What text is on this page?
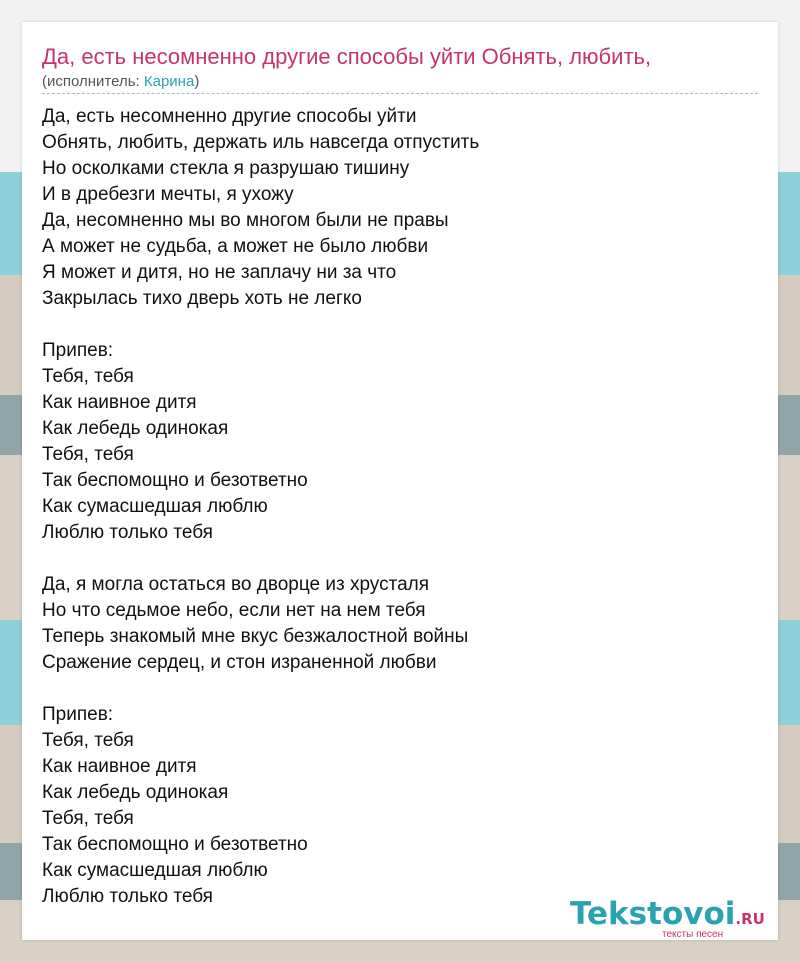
Да, есть несомненно другие способы уйти Обнять, любить,
(исполнитель: Карина)
Да, есть несомненно другие способы уйти
Обнять, любить, держать иль навсегда отпустить
Но осколками стекла я разрушаю тишину
И в дребезги мечты, я ухожу
Да, несомненно мы во многом были не правы
А может не судьба, а может не было любви
Я может и дитя, но не заплачу ни за что
Закрылась тихо дверь хоть не легко
Припев:
Тебя, тебя
Как наивное дитя
Как лебедь одинокая
Тебя, тебя
Так беспомощно и безответно
Как сумасшедшая люблю
Люблю только тебя
Да, я могла остаться во дворце из хрусталя
Но что седьмое небо, если нет на нем тебя
Теперь знакомый мне вкус безжалостной войны
Сражение сердец, и стон израненной любви
Припев:
Тебя, тебя
Как наивное дитя
Как лебедь одинокая
Тебя, тебя
Так беспомощно и безответно
Как сумасшедшая люблю
Люблю только тебя	Tekstovoi.RU
тексты песен
